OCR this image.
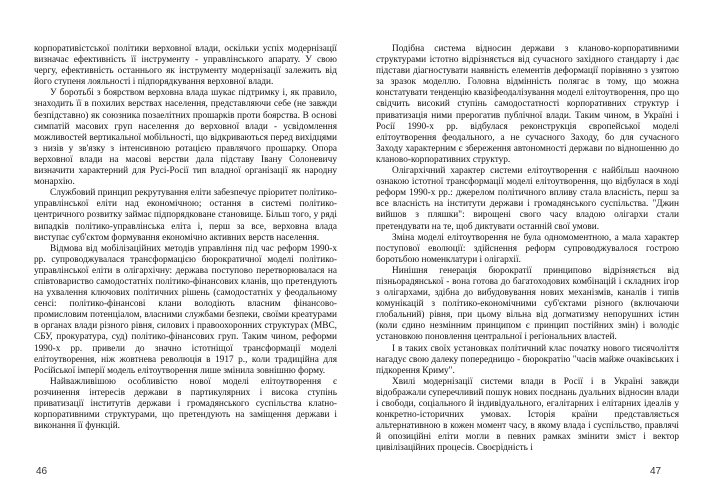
корпоративістської політики верховної влади, оскільки успіх модернізації визначає ефективність її інструменту - управлінського апарату. У свою чергу, ефективність останнього як інструменту модернізації залежить від його ступеня лояльності і підпорядкування верховної влади.

У боротьбі з боярством верховна влада шукає підтримку і, як правило, знаходить її в похилих верствах населення, представляючи себе (не завжди безпідставно) як союзника позаелітних прошарків проти боярства. В основі симпатій масових груп населення до верховної влади - усвідомлення можливостей вертикальної мобільності, що відкриваються перед вихідцями з низів у зв'язку з інтенсивною ротацією правлячого прошарку. Опора верховної влади на масові верстви дала підставу Івану Солоневичу визначити характерний для Русі-Росії тип владної організації як народну монархію.

Службовий принцип рекрутування еліти забезпечує пріоритет політико-управлінської еліти над економічною; остання в системі політико-центричного розвитку займає підпорядковане становище. Більш того, у ряді випадків політико-управлінська еліта і, перш за все, верховна влада виступає суб'єктом формування економічно активних верств населення.

Відмова від мобілізаційних методів управління під час реформ 1990-х рр. супроводжувалася трансформацією бюрократичної моделі політико-управлінської еліти в олігархічну: держава поступово перетворювалася на співтовариство самодостатніх політико-фінансових кланів, що претендують на ухвалення ключових політичних рішень (самодостатніх у феодальному сенсі: політико-фінансові клани володіють власним фінансово-промисловим потенціалом, власними службами безпеки, своїми креатурами в органах влади різного рівня, силових і правоохоронних структурах (МВС, СБУ, прокуратура, суд) політико-фінансових груп. Таким чином, реформи 1990-х рр. привели до значно істотніщої трансформації моделі елітоутворення, ніж жовтнева революція в 1917 р., коли традиційна для Російської імперії модель елітоутворення лише змінила зовнішню форму.

Найважливішою особливістю нової моделі елітоутворення є розчинення інтересів держави в партикулярних і висока ступінь приватизації інститутів держави і громадянського суспільства клаtно-корпоративними структурами, що претендують на заміщення держави і виконання її функцій.

Подібна система відносин держави з кланово-корпоративними структурами істотно відрізняється від сучасного західного стандарту і дає підстави діагностувати наявність елементів деформації порівняно з узятою за зразок моделлю. Головна відмінність полягає в тому, що можна констатувати тенденцію квазіфеодалізування моделі елітоутворення, про що свідчить високий ступінь самодостатності корпоративних структур і приватизація ними прерогатив публічної влади. Таким чином, в Україні і Росії 1990-х рр. відбулася реконструкція європейської моделі елітоутворення феодального, а не сучасного Заходу, бо для сучасного Заходу характерним є збереження автономності держави по відношенню до клaново-корпоративних структур.

Олігархічний характер системи елітоутворення є найбільш наочною ознакою істотної трансформації моделі елітоутворення, що відбулася в ході реформ 1990-х рр.: джерелом політичного впливу стала власність, перш за все власність на інститути держави і громадянського суспільства. "Джин вийшов з пляшки": вирощені свого часу владою олігархи стали претендувати на те, щоб диктувати останній свої умови.

Зміна моделі елітоутворення не була одномоментною, а мала характер поступової еволюції: здійснення реформ супроводжувалося гострою боротьбою номенклатури і олігархії.

Нинішня генерація бюрократії принципово відрізняється від пізньорадянської - вона готова до багатоходових комбінацій і складних ігор з олігархами, здібна до вибудовування нових механізмів, каналів і типів комунікацій з політико-економічними суб'єктами різного (включаючи глобальний) рівня, при цьому вільна від догматизму непорушних істин (коли єдино незмінним принципом є принцип постійних змін) і володіє установкою поновлення центральної і регіональних властей.

І в таких своїх установках політичний клас початку нового тисячоліття нагадує свою далеку попередницю - бюрократію "часів майже очаківських і підкорення Криму".

Хвилі модернізації системи влади в Росії і в Україні завжди відображали суперечливий пошук нових поєднань дуальних відносин влади і свободи, соціального й індивідуального, егалітарних і елітарних ідеалів у конкретно-історичних умовах. Історія країни представляється альтернативною в кожен момент часу, в якому влада і суспільство, правлячі й опозиційні еліти могли в певних рамках змінити зміст і вектор цивілізаційних процесів. Своєрідність і

46	47
